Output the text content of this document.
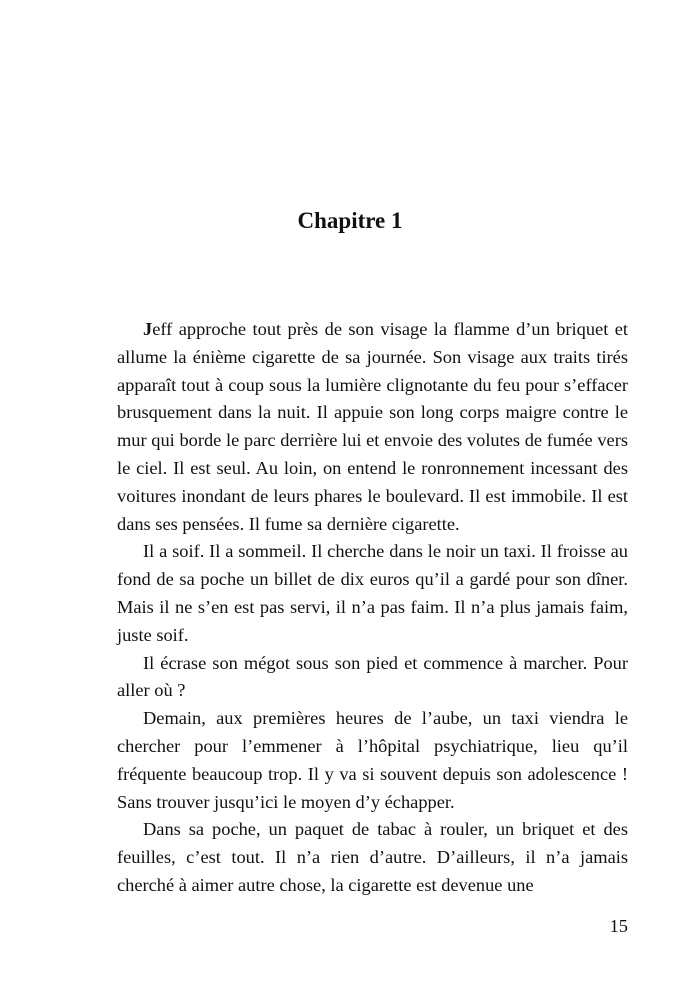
Chapitre 1

Jeff approche tout près de son visage la flamme d’un briquet et allume la énième cigarette de sa journée. Son visage aux traits tirés apparaît tout à coup sous la lumière clignotante du feu pour s’effacer brusquement dans la nuit. Il appuie son long corps maigre contre le mur qui borde le parc derrière lui et envoie des volutes de fumée vers le ciel. Il est seul. Au loin, on entend le ronronnement incessant des voitures inondant de leurs phares le boulevard. Il est immobile. Il est dans ses pensées. Il fume sa dernière cigarette.

Il a soif. Il a sommeil. Il cherche dans le noir un taxi. Il froisse au fond de sa poche un billet de dix euros qu’il a gardé pour son dîner. Mais il ne s’en est pas servi, il n’a pas faim. Il n’a plus jamais faim, juste soif.

Il écrase son mégot sous son pied et commence à marcher. Pour aller où ?

Demain, aux premières heures de l’aube, un taxi viendra le chercher pour l’emmener à l’hôpital psychiatrique, lieu qu’il fréquente beaucoup trop. Il y va si souvent depuis son adolescence ! Sans trouver jusqu’ici le moyen d’y échapper.

Dans sa poche, un paquet de tabac à rouler, un briquet et des feuilles, c’est tout. Il n’a rien d’autre. D’ailleurs, il n’a jamais cherché à aimer autre chose, la cigarette est devenue une

15
